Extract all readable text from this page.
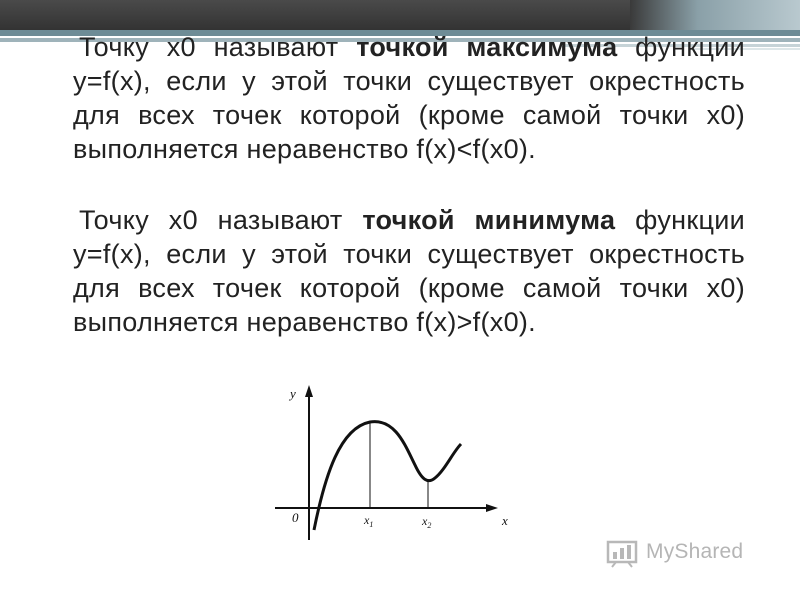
Точку x0 называют точкой максимума функции y=f(x), если у этой точки существует окрестность для всех точек которой (кроме самой точки x0) выполняется неравенство f(x)<f(x0).
Точку x0 называют точкой минимума функции y=f(x), если у этой точки существует окрестность для всех точек которой (кроме самой точки x0) выполняется неравенство f(x)>f(x0).
y
x
0	$x_1$	$x_2$
MyShared
